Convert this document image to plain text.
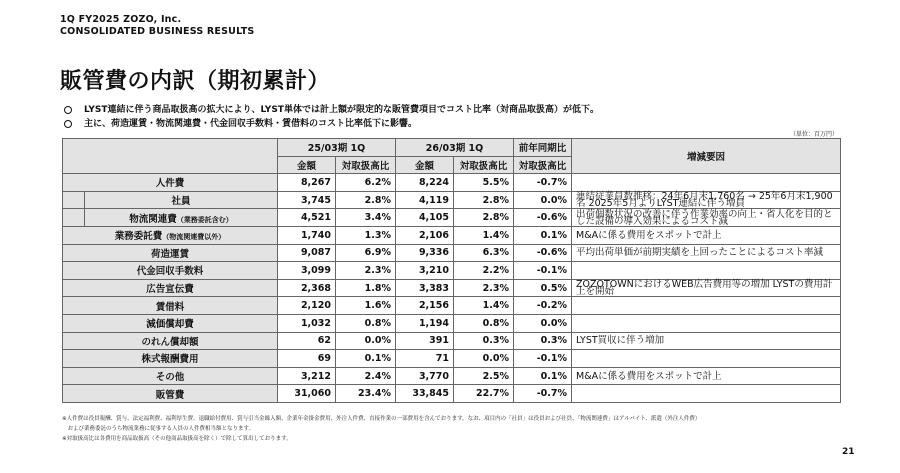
1Q FY2025 ZOZO, Inc.
CONSOLIDATED BUSINESS RESULTS
販管費の内訳（期初累計）
LYST連結に伴う商品取扱高の拡大により、LYST単体では計上額が限定的な販管費項目でコスト比率（対商品取扱高）が低下。
主に、荷造運賃・物流関連費・代金回収手数料・賃借料のコスト比率低下に影響。
（単位：百万円）
		25/03期 1Q		26/03期 1Q		前年同期比	増減要因
		金額	対取扱高比	金額	対取扱高比	対取扱高比	
人件費		8,267	6.2%	8,224	5.5%	-0.7%	
	社員	3,745	2.8%	4,119	2.8%	0.0%	連結従業員数推移：24年6月末1,760名 → 25年6月末1,900名 2025年5月よりLYST連結に伴う増員
	物流関連費（業務委託含む）	4,521	3.4%	4,105	2.8%	-0.6%	出荷個数状況の改善に伴う作業効率の向上・省人化を目的とした設備の導入効果によるコスト減
業務委託費（物流関連費以外）		1,740	1.3%	2,106	1.4%	0.1%	M&Aに係る費用をスポットで計上
荷造運賃		9,087	6.9%	9,336	6.3%	-0.6%	平均出荷単価が前期実績を上回ったことによるコスト率減
代金回収手数料		3,099	2.3%	3,210	2.2%	-0.1%	
広告宣伝費		2,368	1.8%	3,383	2.3%	0.5%	ZOZOTOWNにおけるWEB広告費用等の増加 LYSTの費用計上を開始
賃借料		2,120	1.6%	2,156	1.4%	-0.2%	
減価償却費		1,032	0.8%	1,194	0.8%	0.0%	
のれん償却額		62	0.0%	391	0.3%	0.3%	LYST買収に伴う増加
株式報酬費用		69	0.1%	71	0.0%	-0.1%	
その他		3,212	2.4%	3,770	2.5%	0.1%	M&Aに係る費用をスポットで計上
販管費		31,060	23.4%	33,845	22.7%	-0.7%	
※人件費は役員報酬、賞与、法定福利費、福利厚生費、退職給付費用、賞与引当金繰入額、企業年金掛金費用、外注人件費、直接作業の一部費用を含んでおります。なお、項目内の「社員」は役員および社員、「物流関連費」はアルバイト、派遣（外注人件費）
　および業務委託のうち物流業務に従事する人員の人件費相当額となります。
※対取扱高比は各費用を商品取扱高（その他商品取扱高を除く）で除して算出しております。
21
